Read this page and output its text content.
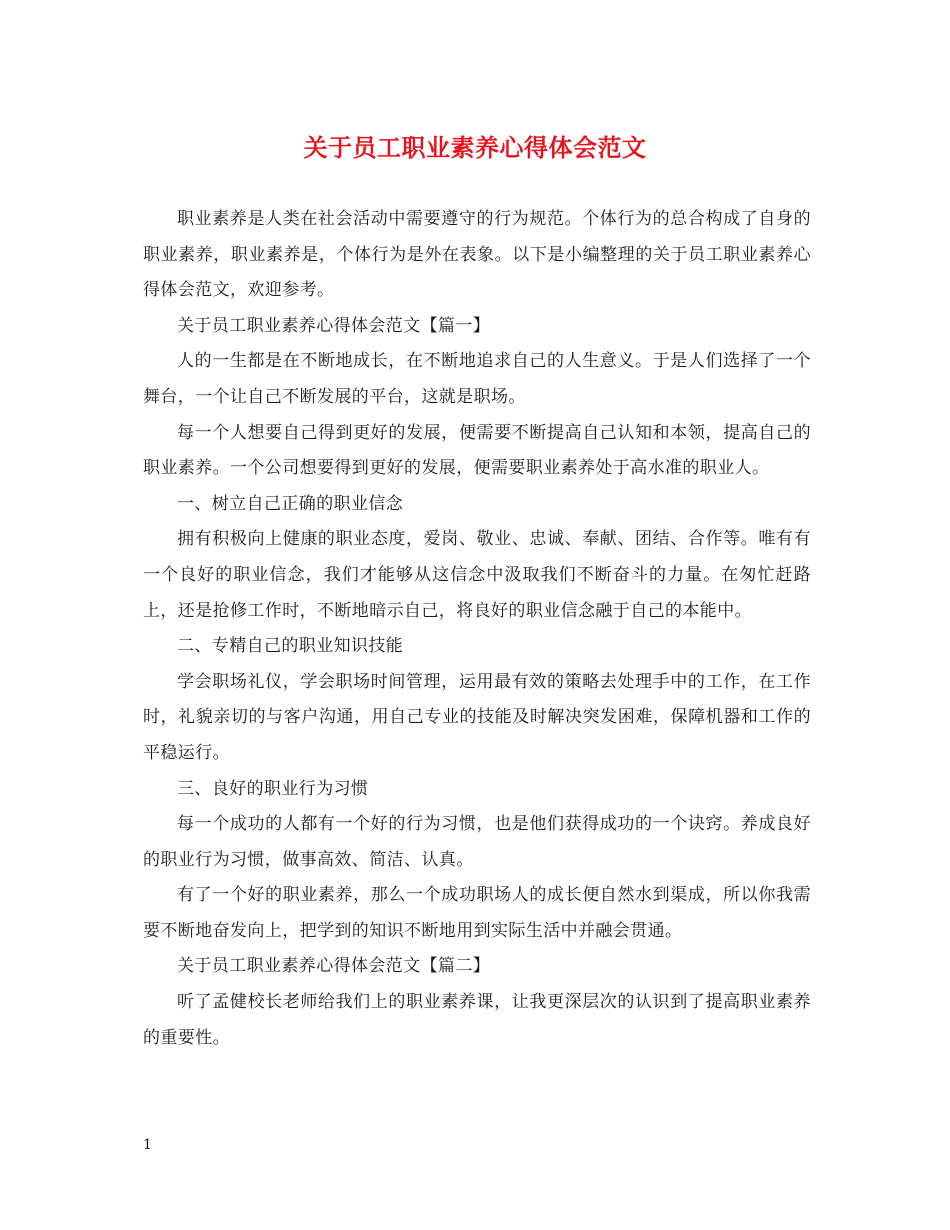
关于员工职业素养心得体会范文

职业素养是人类在社会活动中需要遵守的行为规范。个体行为的总合构成了自身的职业素养，职业素养是，个体行为是外在表象。以下是小编整理的关于员工职业素养心得体会范文，欢迎参考。

关于员工职业素养心得体会范文【篇一】

人的一生都是在不断地成长，在不断地追求自己的人生意义。于是人们选择了一个舞台，一个让自己不断发展的平台，这就是职场。

每一个人想要自己得到更好的发展，便需要不断提高自己认知和本领，提高自己的职业素养。一个公司想要得到更好的发展，便需要职业素养处于高水准的职业人。

一、树立自己正确的职业信念

拥有积极向上健康的职业态度，爱岗、敬业、忠诚、奉献、团结、合作等。唯有有一个良好的职业信念，我们才能够从这信念中汲取我们不断奋斗的力量。在匆忙赶路上，还是抢修工作时，不断地暗示自己，将良好的职业信念融于自己的本能中。

二、专精自己的职业知识技能

学会职场礼仪，学会职场时间管理，运用最有效的策略去处理手中的工作，在工作时，礼貌亲切的与客户沟通，用自己专业的技能及时解决突发困难，保障机器和工作的平稳运行。

三、良好的职业行为习惯

每一个成功的人都有一个好的行为习惯，也是他们获得成功的一个诀窍。养成良好的职业行为习惯，做事高效、简洁、认真。

有了一个好的职业素养，那么一个成功职场人的成长便自然水到渠成，所以你我需要不断地奋发向上，把学到的知识不断地用到实际生活中并融会贯通。

关于员工职业素养心得体会范文【篇二】

听了孟健校长老师给我们上的职业素养课，让我更深层次的认识到了提高职业素养的重要性。

1
